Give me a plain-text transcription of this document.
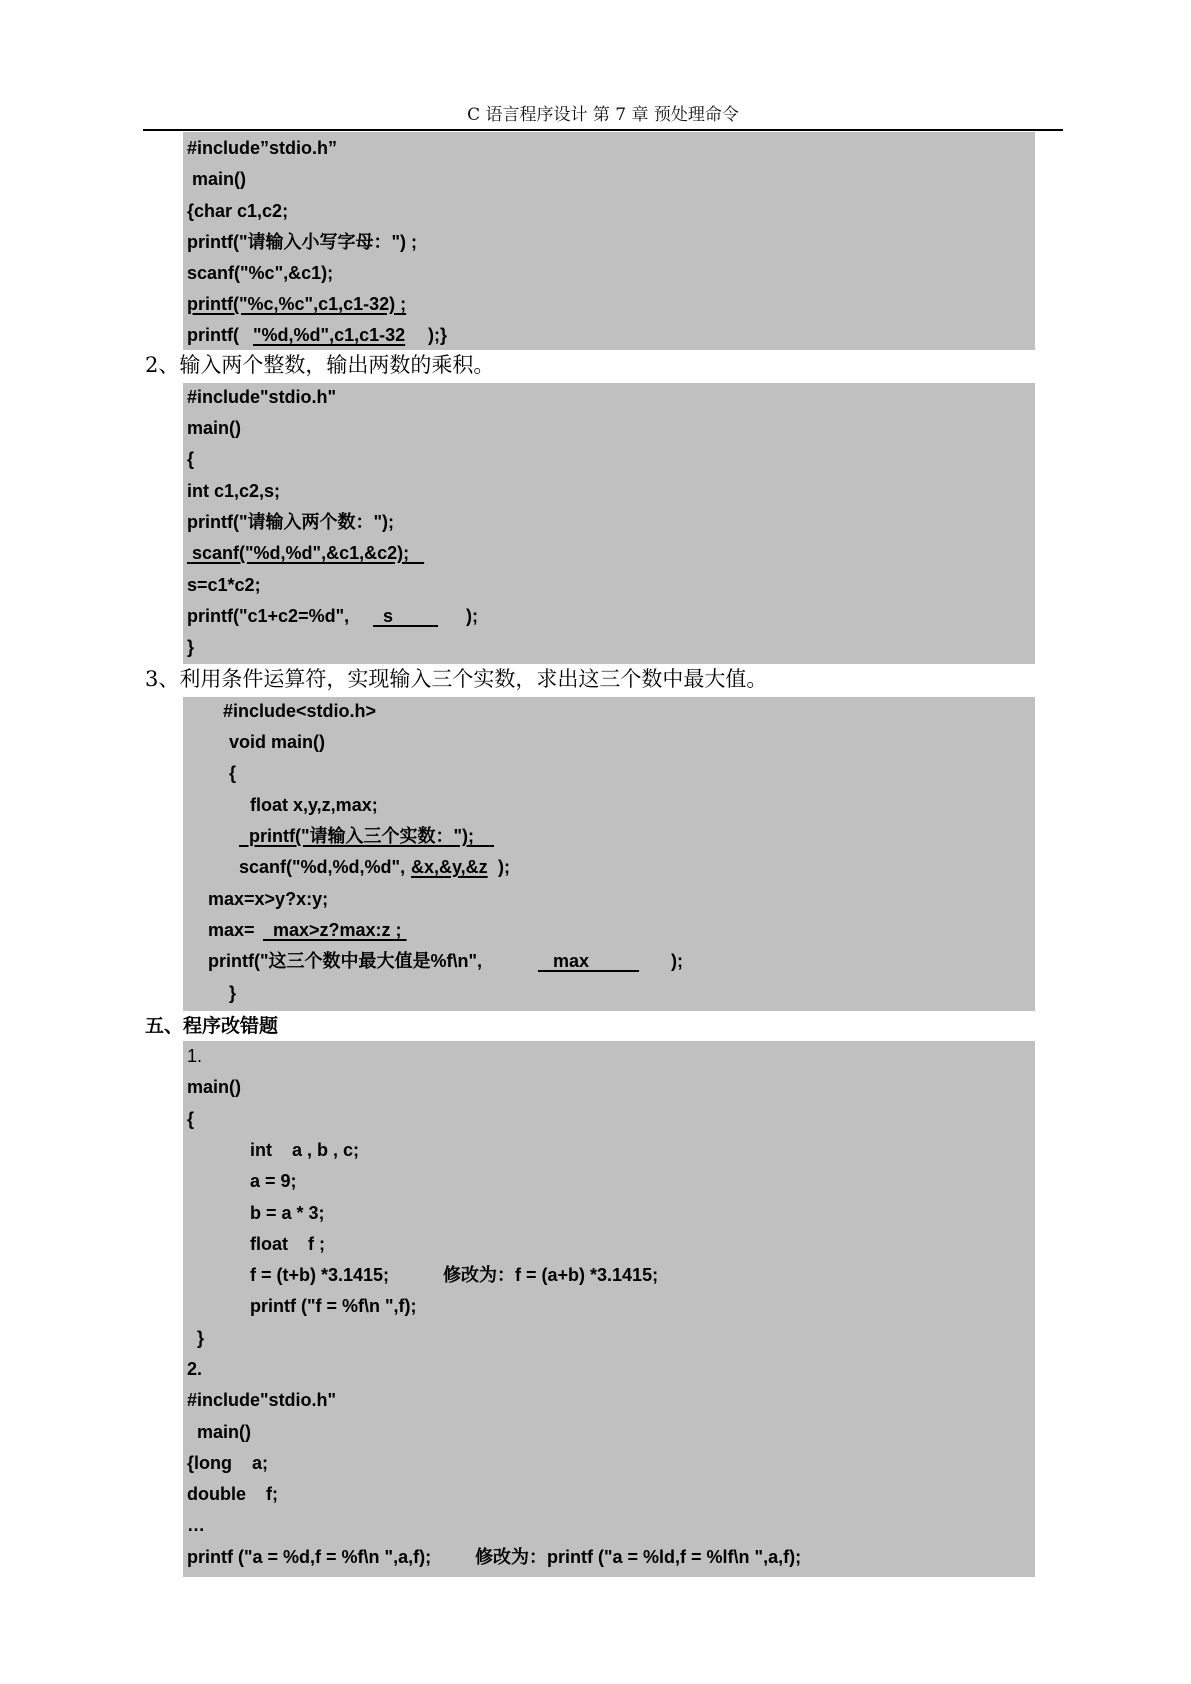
C 语言程序设计 第 7 章 预处理命令
#include”stdio.h”
main()
{char c1,c2;
printf("请输入小写字母：") ;
scanf("%c",&c1);
printf("%c,%c",c1,c1-32) ;
printf( "%d,%d",c1,c1-32 );}
2、输入两个整数，输出两数的乘积。
#include"stdio.h"
main()
{
int c1,c2,s;
printf("请输入两个数：");
scanf("%d,%d",&c1,&c2);
s=c1*c2;
printf("c1+c2=%d", s );
}
3、利用条件运算符，实现输入三个实数，求出这三个数中最大值。
#include<stdio.h>
void main()
{
float x,y,z,max;
printf("请输入三个实数：");
scanf("%d,%d,%d", &x,&y,&z );
max=x>y?x:y;
max= max>z?max:z ;
printf("这三个数中最大值是%f\n",	max );
}
五、程序改错题
1.
main()
{
int    a , b , c;
a = 9;
b = a * 3;
float    f ;
f = (t+b) *3.1415;	修改为：f = (a+b) *3.1415;
printf ("f = %f\n ",f);
}
2.
#include"stdio.h"
main()
{long    a;
double    f;
…
printf ("a = %d,f = %f\n ",a,f); 修改为：printf ("a = %ld,f = %lf\n ",a,f);
